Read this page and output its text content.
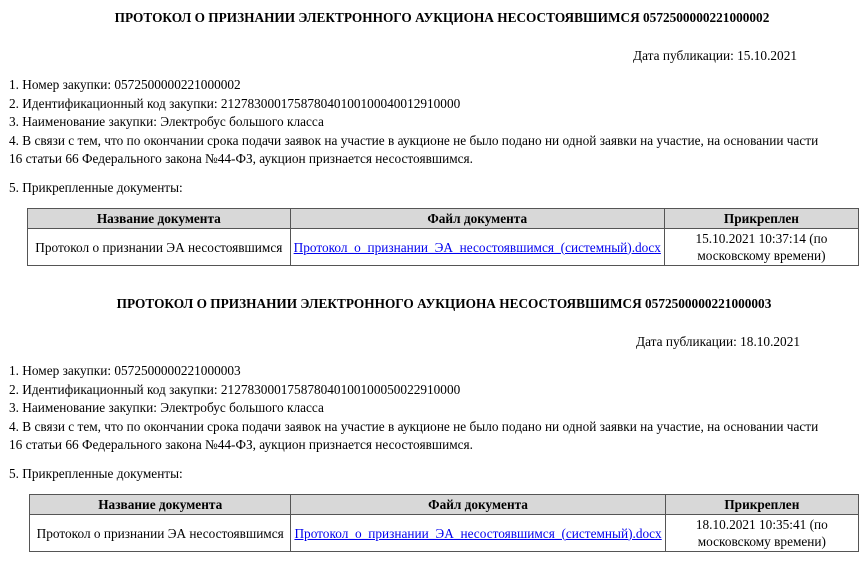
ПРОТОКОЛ О ПРИЗНАНИИ ЭЛЕКТРОННОГО АУКЦИОНА НЕСОСТОЯВШИМСЯ 0572500000221000002
Дата публикации: 15.10.2021
1. Номер закупки: 0572500000221000002
2. Идентификационный код закупки: 212783000175878040100100040012910000
3. Наименование закупки: Электробус большого класса
4. В связи с тем, что по окончании срока подачи заявок на участие в аукционе не было подано ни одной заявки на участие, на основании части 16 статьи 66 Федерального закона №44-ФЗ, аукцион признается несостоявшимся.
5. Прикрепленные документы:
Название документа	Файл документа	Прикреплен
Протокол о признании ЭА несостоявшимся	Протокол_о_признании_ЭА_несостоявшимся_(системный).docx	15.10.2021 10:37:14 (по московскому времени)
ПРОТОКОЛ О ПРИЗНАНИИ ЭЛЕКТРОННОГО АУКЦИОНА НЕСОСТОЯВШИМСЯ 0572500000221000003
Дата публикации: 18.10.2021
1. Номер закупки: 0572500000221000003
2. Идентификационный код закупки: 212783000175878040100100050022910000
3. Наименование закупки: Электробус большого класса
4. В связи с тем, что по окончании срока подачи заявок на участие в аукционе не было подано ни одной заявки на участие, на основании части 16 статьи 66 Федерального закона №44-ФЗ, аукцион признается несостоявшимся.
5. Прикрепленные документы:
Название документа	Файл документа	Прикреплен
Протокол о признании ЭА несостоявшимся	Протокол_о_признании_ЭА_несостоявшимся_(системный).docx	18.10.2021 10:35:41 (по московскому времени)
